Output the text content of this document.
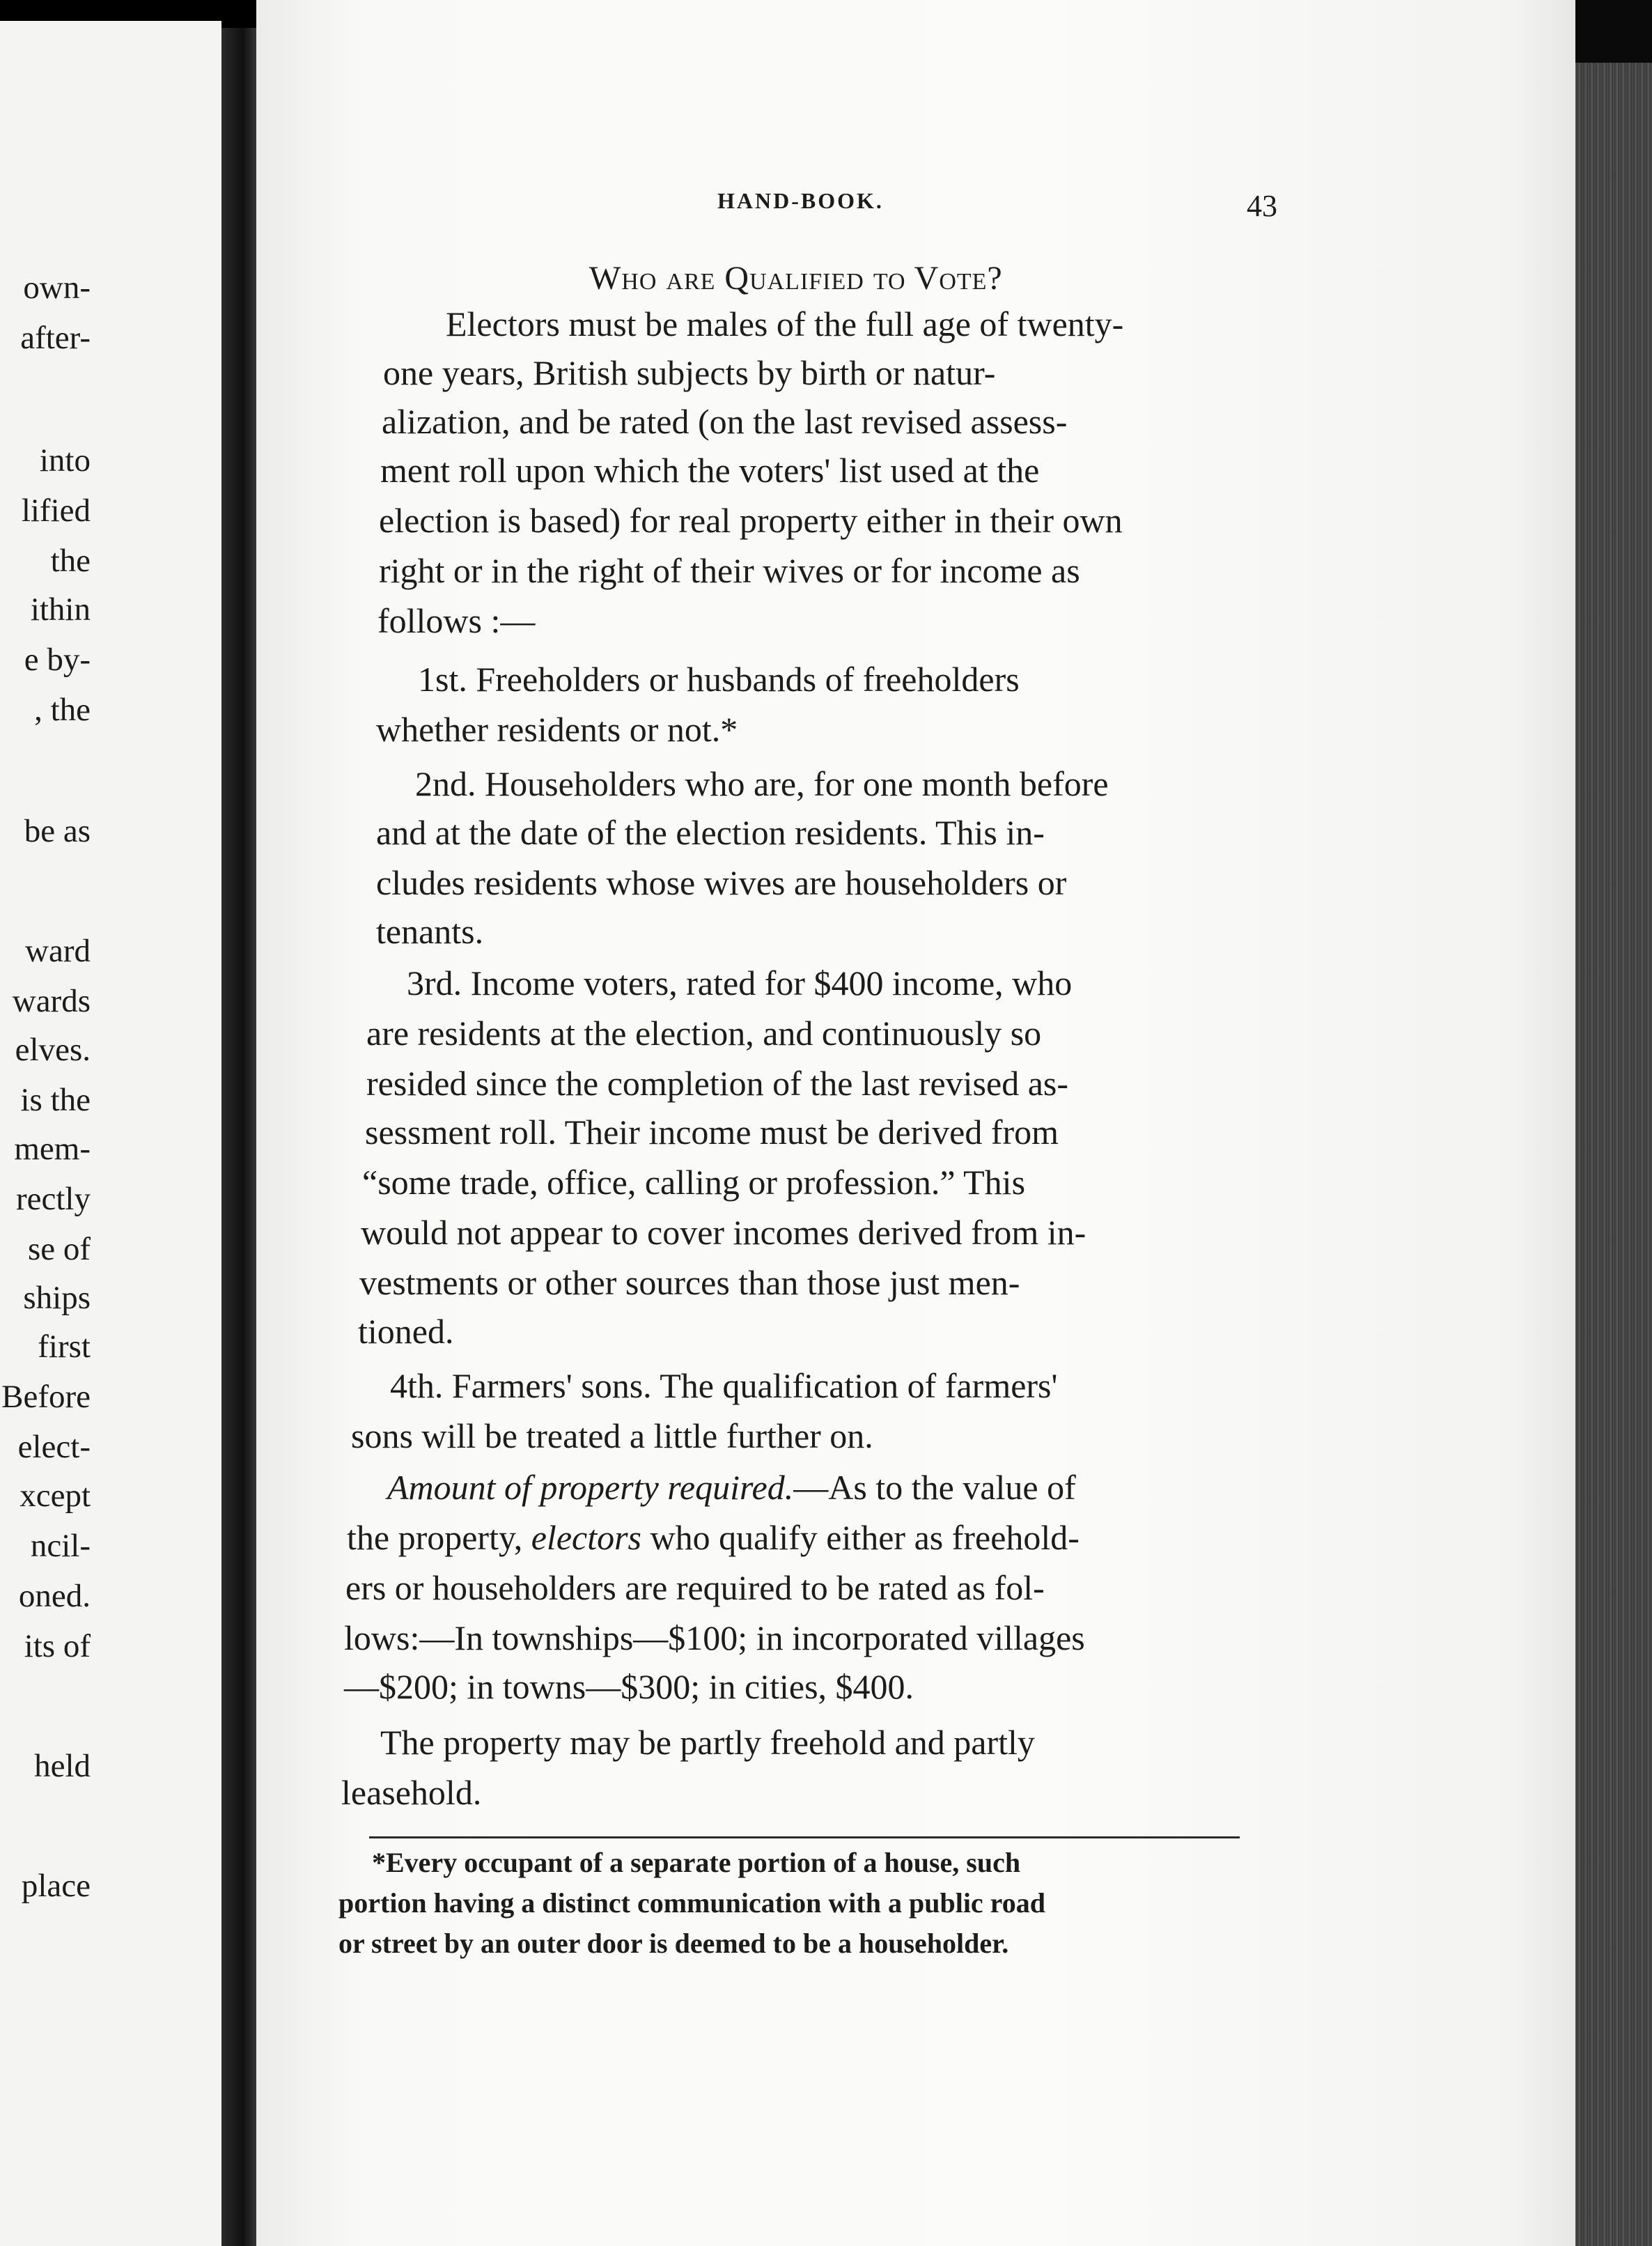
own-
after-
into
lified
the
ithin
e by-
, the
be as
ward
wards
elves.
is the
mem-
rectly
se of
ships
first
Before
elect-
xcept
ncil-
oned.
its of
held
place
HAND-BOOK.	43
Who are Qualified to Vote?
Electors must be males of the full age of twenty-
one years, British subjects by birth or natur-
alization, and be rated (on the last revised assess-
ment roll upon which the voters' list used at the
election is based) for real property either in their own
right or in the right of their wives or for income as
follows :—
1st. Freeholders or husbands of freeholders
whether residents or not.*
2nd. Householders who are, for one month before
and at the date of the election residents. This in-
cludes residents whose wives are householders or
tenants.
3rd. Income voters, rated for $400 income, who
are residents at the election, and continuously so
resided since the completion of the last revised as-
sessment roll. Their income must be derived from
“some trade, office, calling or profession.” This
would not appear to cover incomes derived from in-
vestments or other sources than those just men-
tioned.
4th. Farmers' sons. The qualification of farmers'
sons will be treated a little further on.
Amount of property required.—As to the value of
the property, electors who qualify either as freehold-
ers or householders are required to be rated as fol-
lows:—In townships—$100; in incorporated villages
—$200; in towns—$300; in cities, $400.
The property may be partly freehold and partly
leasehold.
*Every occupant of a separate portion of a house, such
portion having a distinct communication with a public road
or street by an outer door is deemed to be a householder.
